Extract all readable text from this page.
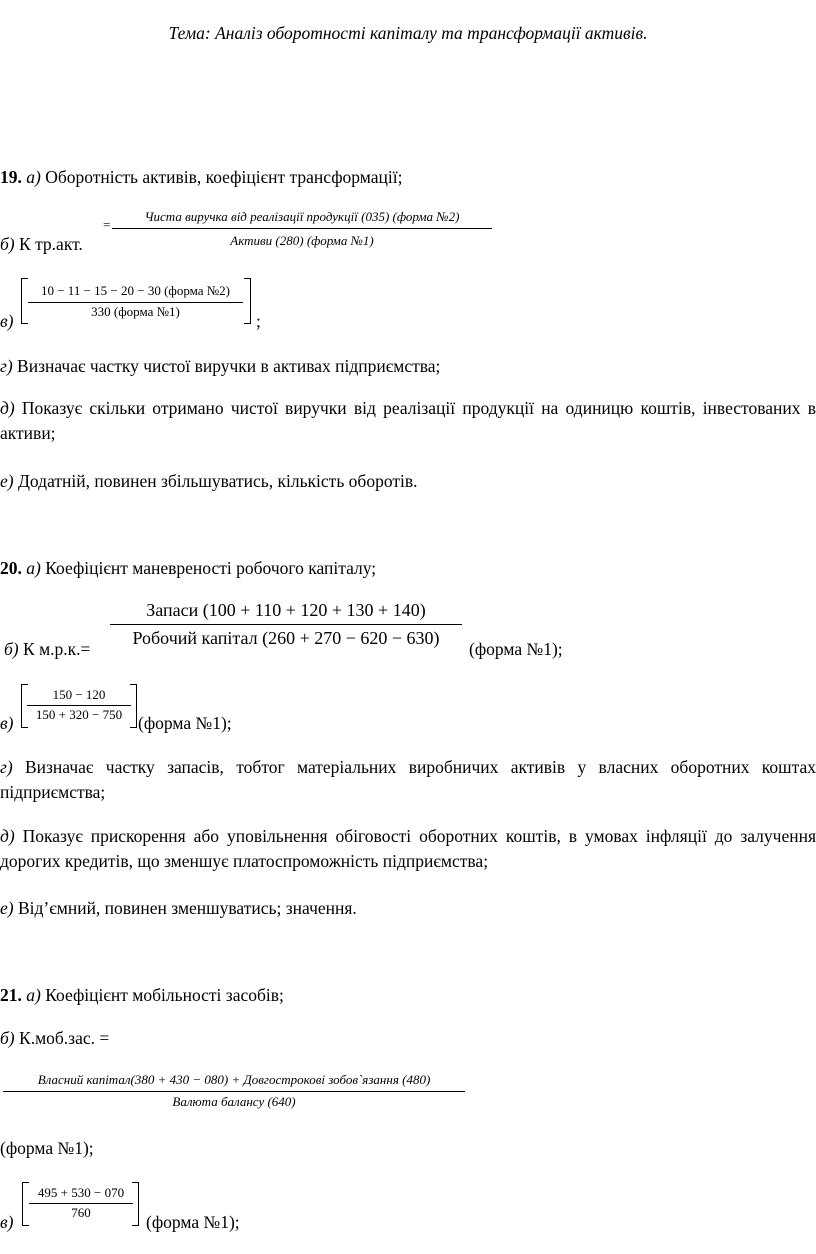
Тема: Аналіз оборотності капіталу та трансформації активів.
19. а) Оборотність активів, коефіцієнт трансформації;
б) К тр.акт.
=
Чиста виручка від реалізації продукції (035) (форма №2)
Активи (280) (форма №1)
в)
10 − 11 − 15 − 20 − 30 (форма №2)
330 (форма №1)	;
г) Визначає частку чистої виручки в активах підприємства;
д) Показує скільки отримано чистої виручки від реалізації продукції на одиницю коштів, інвестованих в активи;
е) Додатній, повинен збільшуватись, кількість оборотів.
20. а) Коефіцієнт маневреності робочого капіталу;
б) К м.р.к.=
Запаси (100 + 110 + 120 + 130 + 140)
Робочий капітал (260 + 270 − 620 − 630)
(форма №1);
в)
150 − 120
150 + 320 − 750 (форма №1);
г) Визначає частку запасів, тобтог матеріальних виробничих активів у власних оборотних коштах підприємства;
д) Показує прискорення або уповільнення обіговості оборотних коштів, в умовах інфляції до залучення дорогих кредитів, що зменшує платоспроможність підприємства;
е) Від’ємний, повинен зменшуватись; значення.
21. а) Коефіцієнт мобільності засобів;
б) К.моб.зас. =
Власний капітал(380 + 430 − 080) + Довгострокові зобов`язання (480)
Валюта балансу (640)
(форма №1);
в)
495 + 530 − 070
760	(форма №1);
